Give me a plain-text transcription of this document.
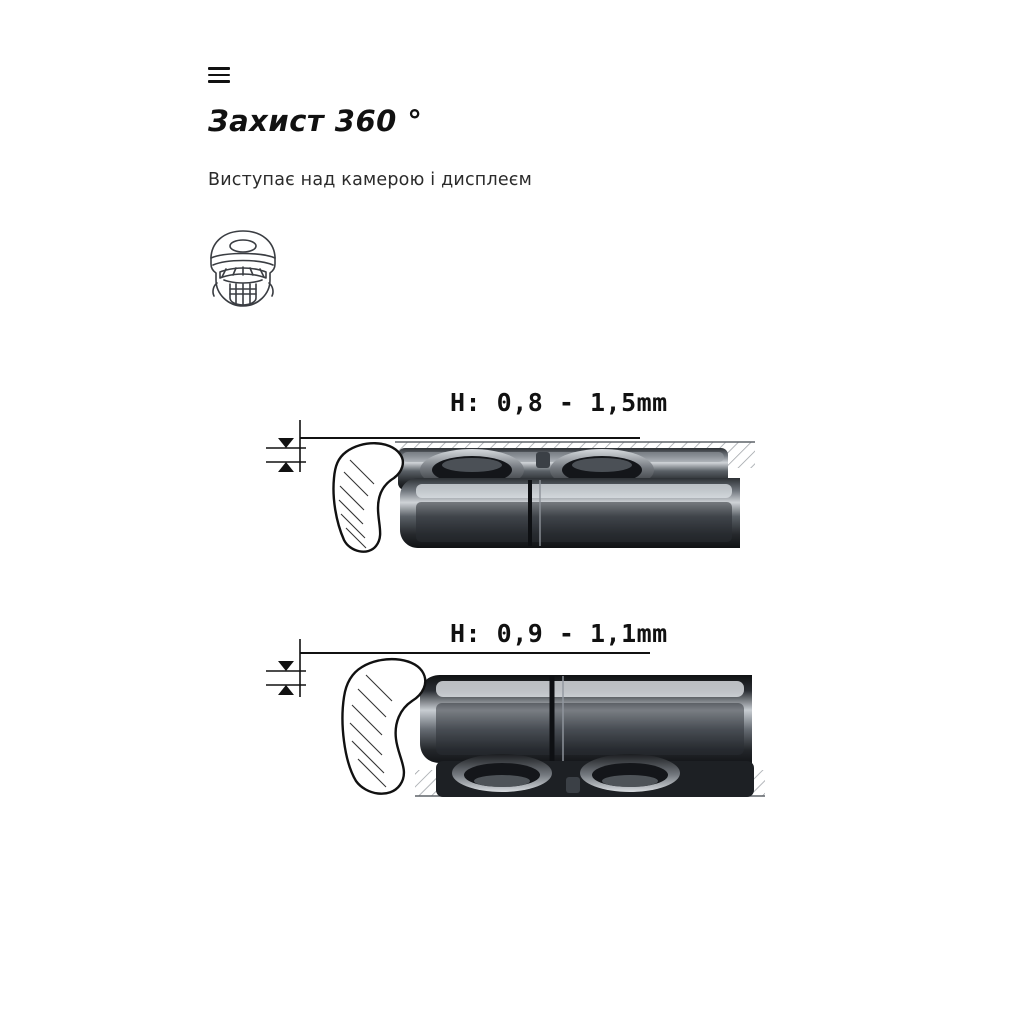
Захист 360 °
Виступає над камерою і дисплеєм
H: 0,8 - 1,5mm
H: 0,9 - 1,1mm
